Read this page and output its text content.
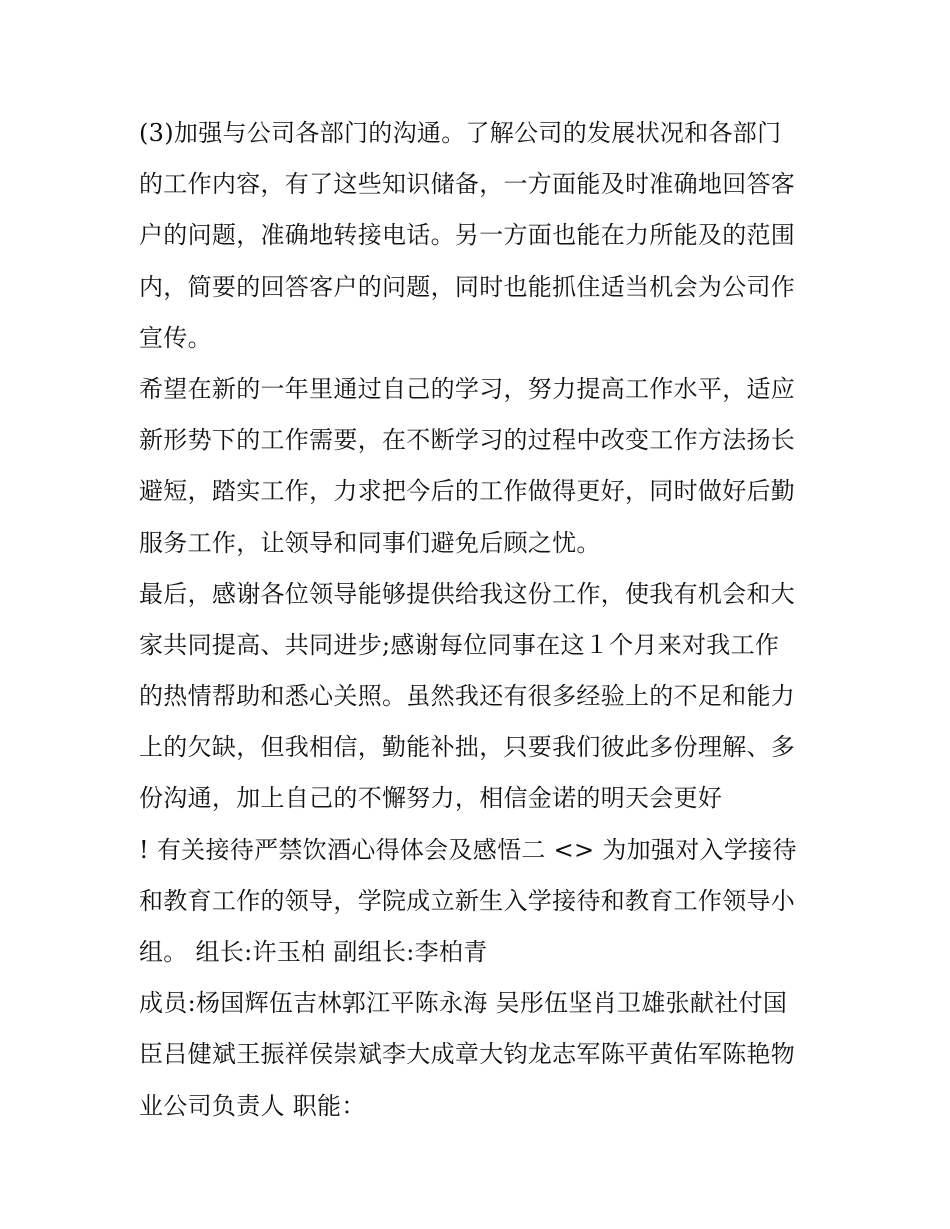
(3)加强与公司各部门的沟通。了解公司的发展状况和各部门
的工作内容，有了这些知识储备，一方面能及时准确地回答客
户的问题，准确地转接电话。另一方面也能在力所能及的范围
内，简要的回答客户的问题，同时也能抓住适当机会为公司作
宣传。
希望在新的一年里通过自己的学习，努力提高工作水平，适应
新形势下的工作需要，在不断学习的过程中改变工作方法扬长
避短，踏实工作，力求把今后的工作做得更好，同时做好后勤
服务工作，让领导和同事们避免后顾之忧。
最后，感谢各位领导能够提供给我这份工作，使我有机会和大
家共同提高、共同进步;感谢每位同事在这１个月来对我工作
的热情帮助和悉心关照。虽然我还有很多经验上的不足和能力
上的欠缺，但我相信，勤能补拙，只要我们彼此多份理解、多
份沟通，加上自己的不懈努力，相信金诺的明天会更好
! 有关接待严禁饮酒心得体会及感悟二 <> 为加强对入学接待
和教育工作的领导，学院成立新生入学接待和教育工作领导小
组。 组长:许玉柏 副组长:李柏青
成员:杨国辉伍吉林郭江平陈永海 吴彤伍坚肖卫雄张献社付国
臣吕健斌王振祥侯崇斌李大成章大钧龙志军陈平黄佑军陈艳物
业公司负责人 职能：
